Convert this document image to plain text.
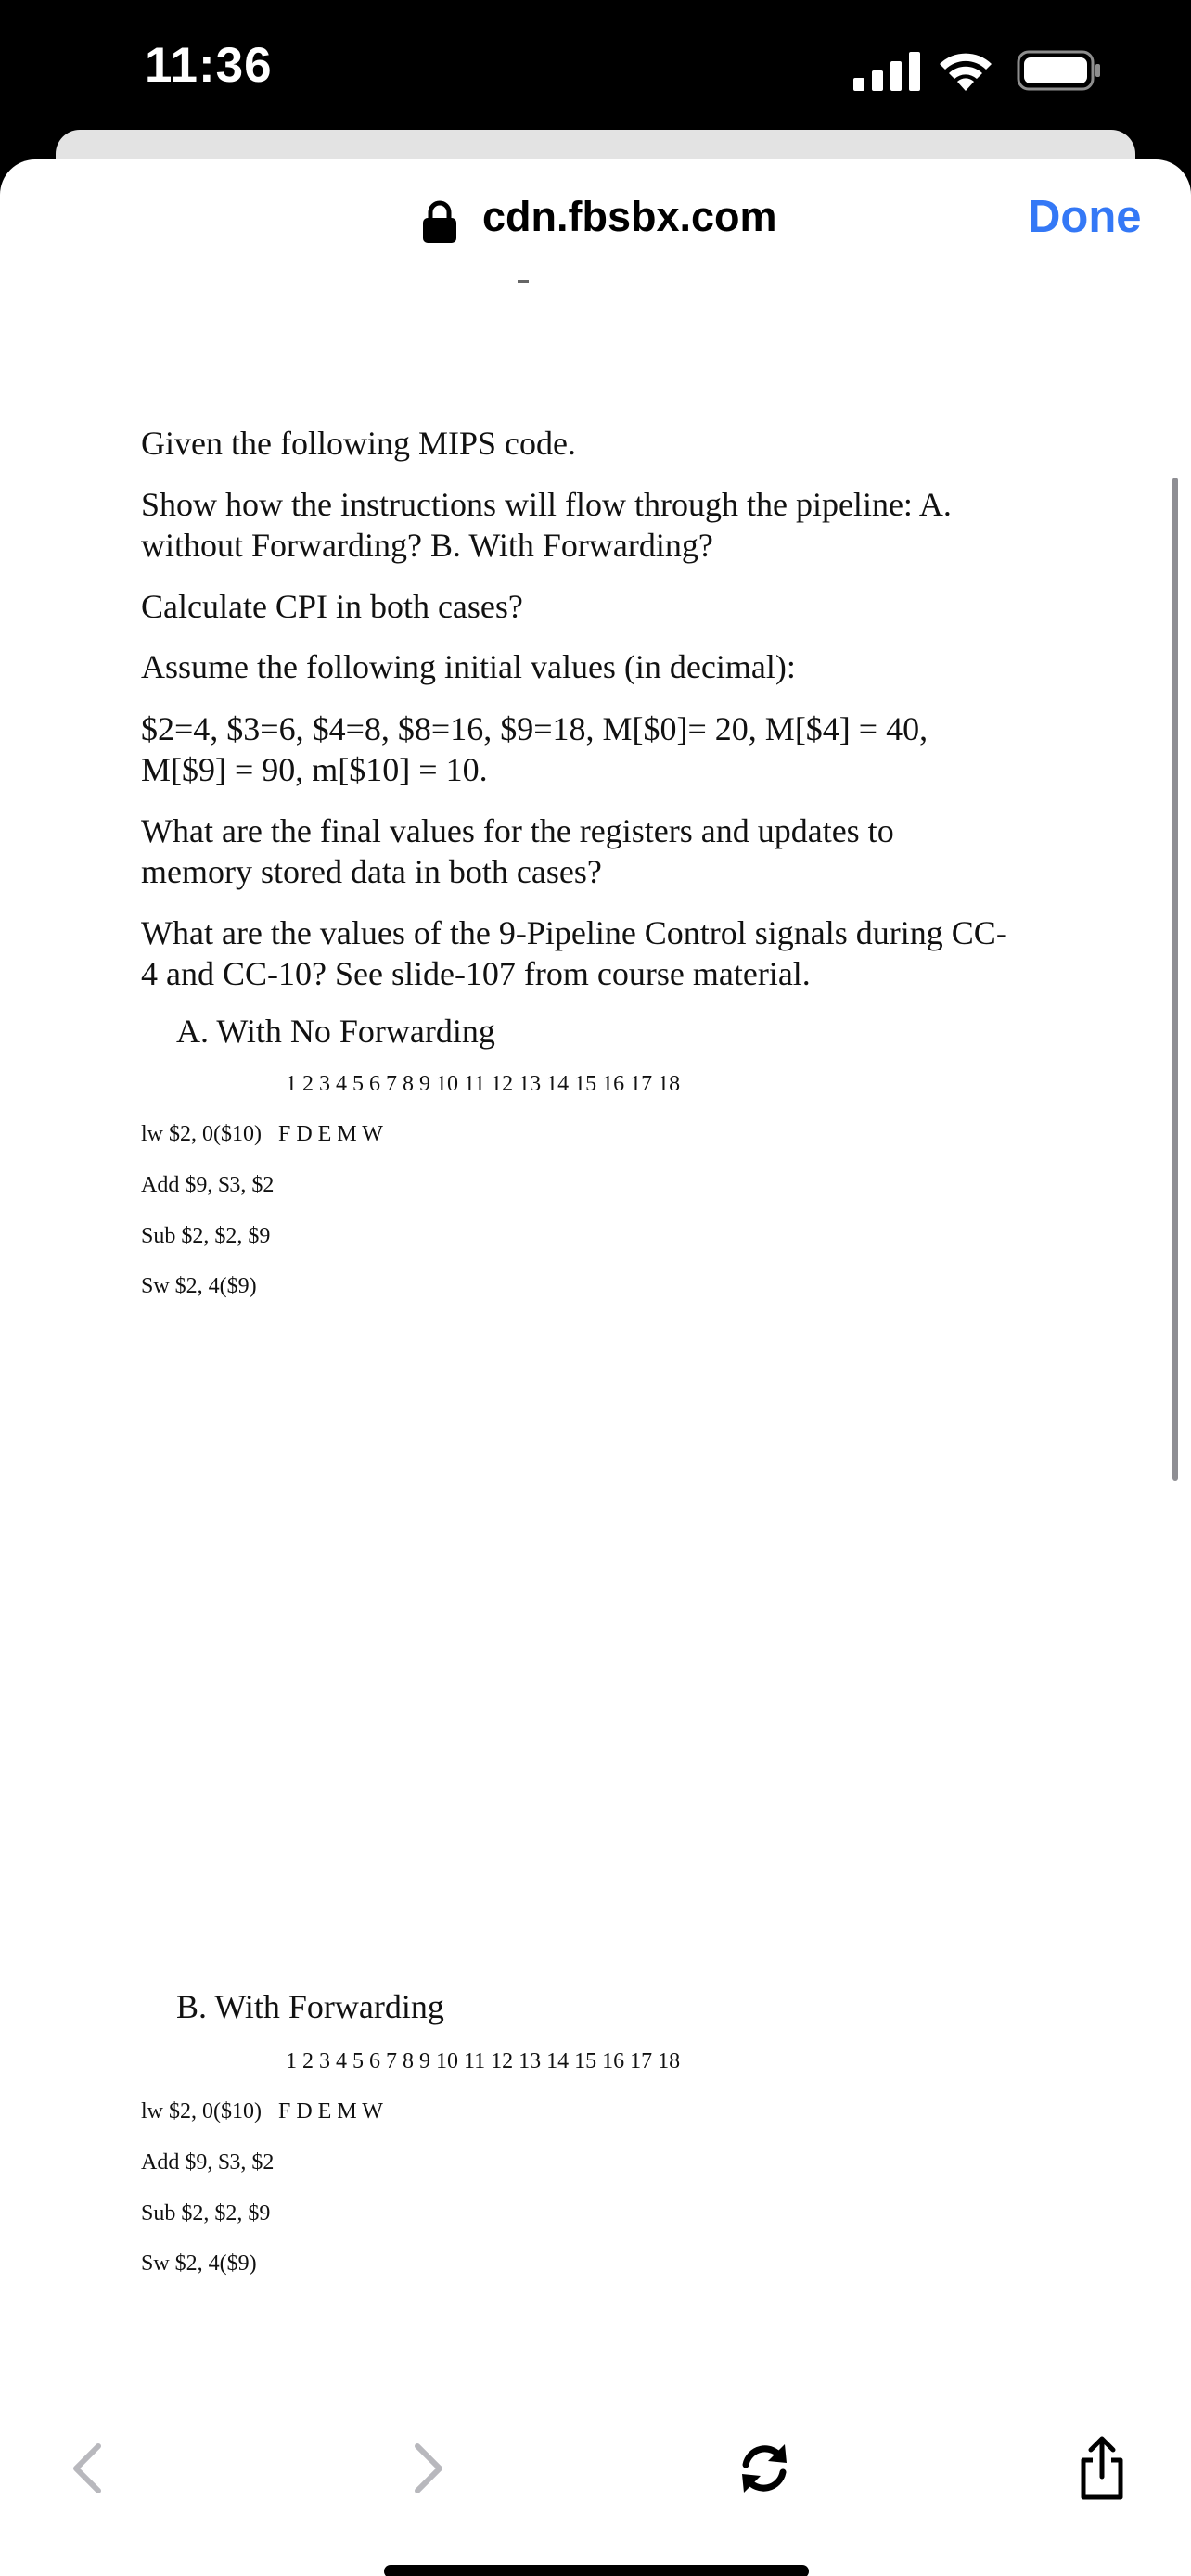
11:36
cdn.fbsbx.com	Done
Given the following MIPS code.
Show how the instructions will flow through the pipeline: A.
without Forwarding? B. With Forwarding?
Calculate CPI in both cases?
Assume the following initial values (in decimal):
$2=4, $3=6, $4=8, $8=16, $9=18, M[$0]= 20, M[$4] = 40,
M[$9] = 90, m[$10] = 10.
What are the final values for the registers and updates to
memory stored data in both cases?
What are the values of the 9-Pipeline Control signals during CC-
4 and CC-10? See slide-107 from course material.
A. With No Forwarding
1 2 3 4 5 6 7 8 9 10 11 12 13 14 15 16 17 18
lw $2, 0($10) F D E M W
Add $9, $3, $2
Sub $2, $2, $9
Sw $2, 4($9)
B. With Forwarding
1 2 3 4 5 6 7 8 9 10 11 12 13 14 15 16 17 18
lw $2, 0($10) F D E M W
Add $9, $3, $2
Sub $2, $2, $9
Sw $2, 4($9)
